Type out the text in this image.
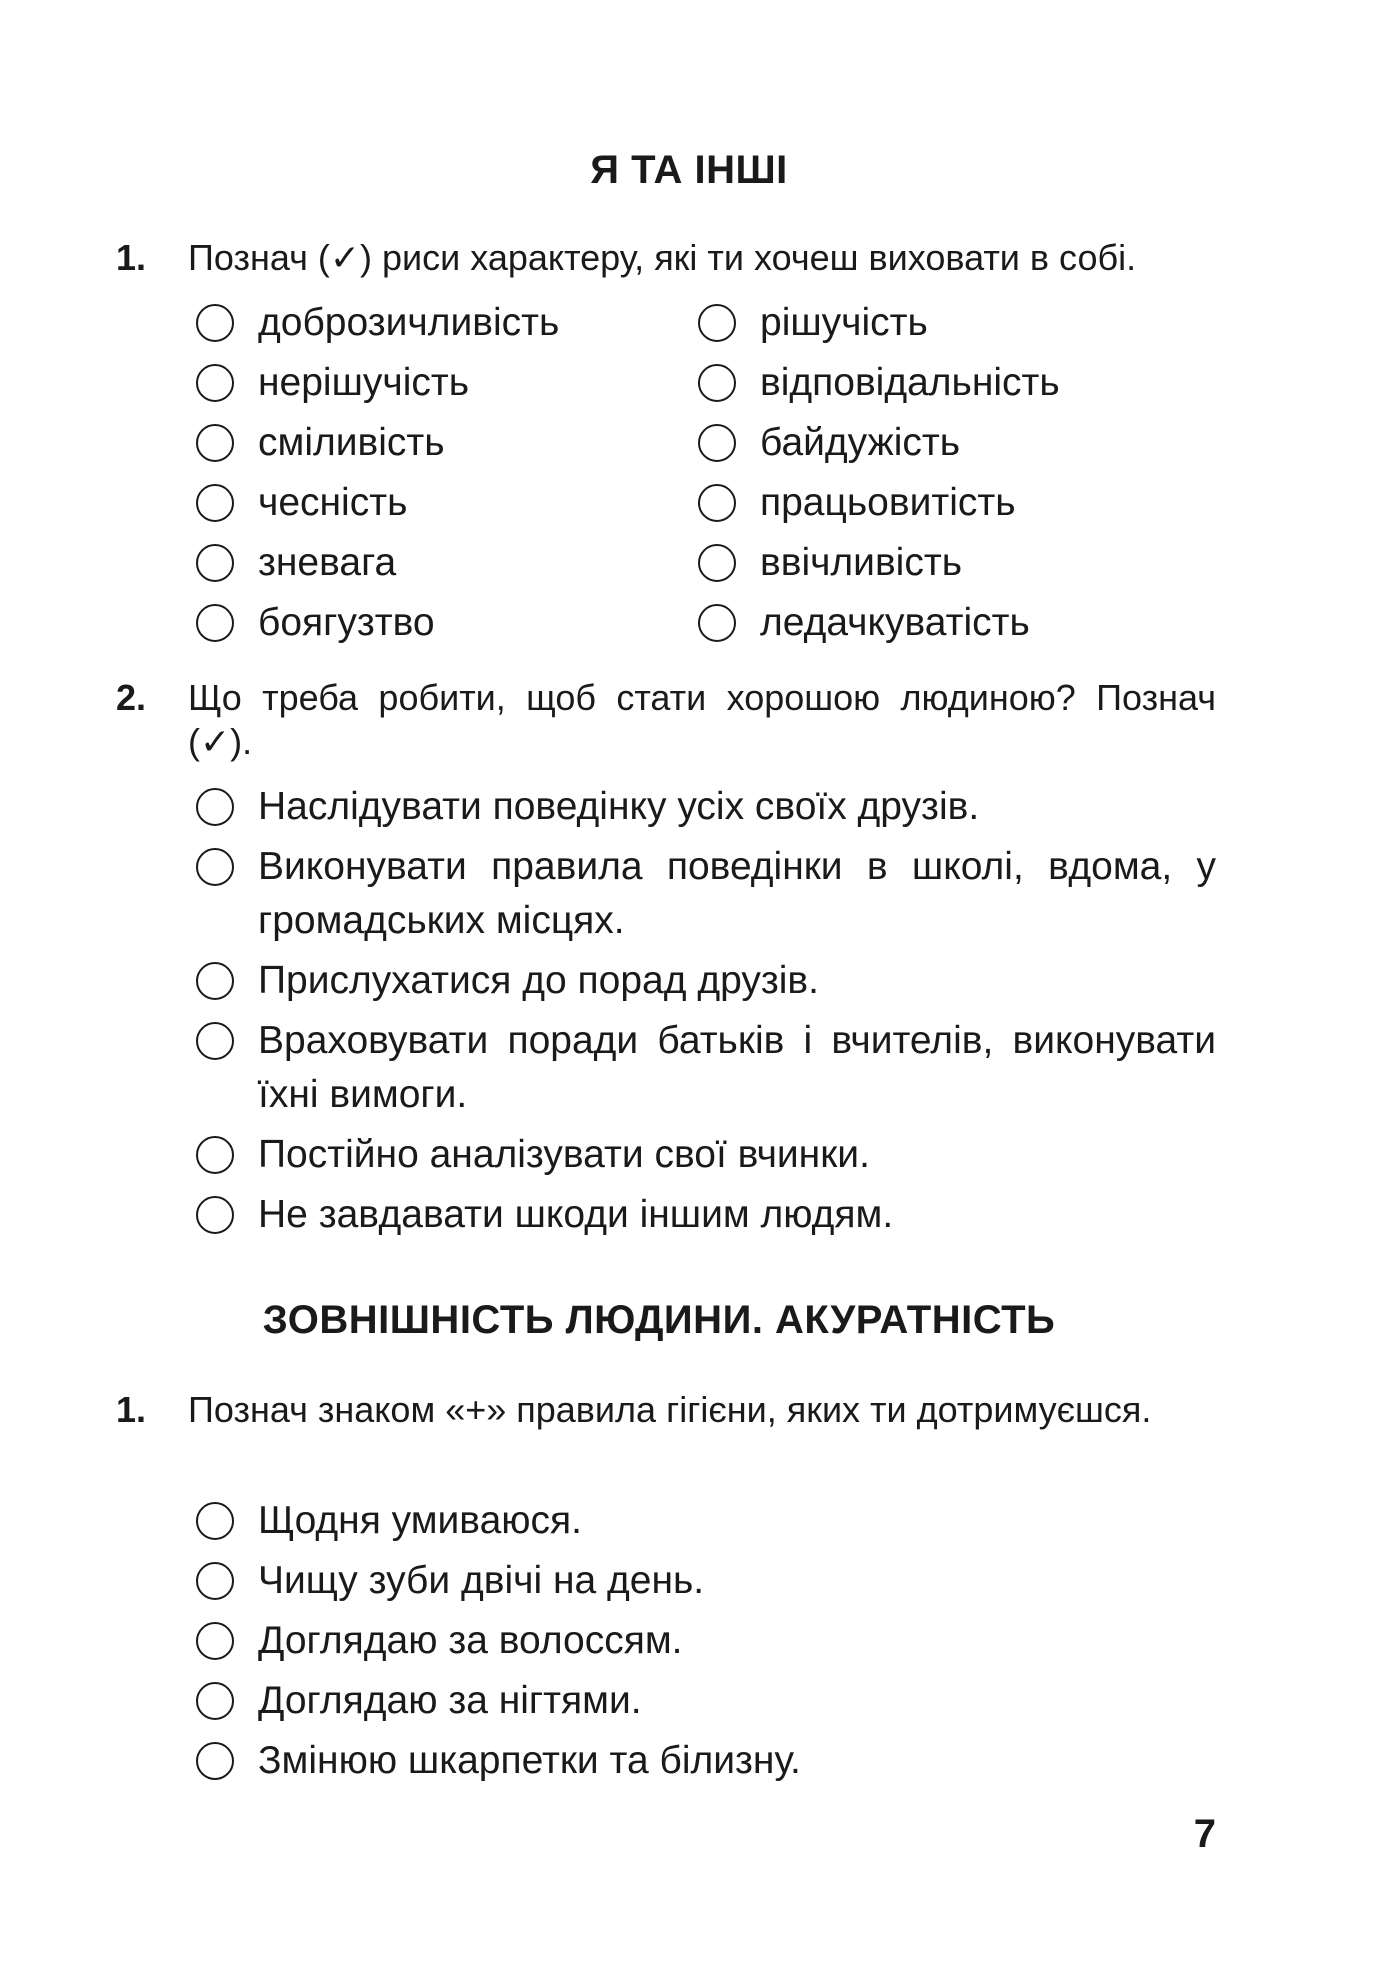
Я ТА ІНШІ
1. Познач (✓) риси характеру, які ти хочеш виховати в собі.
доброзичливість
нерішучість
сміливість
чесність
зневага
боягузтво
рішучість
відповідальність
байдужість
працьовитість
ввічливість
ледачкуватість
2. Що треба робити, щоб стати хорошою людиною? Познач (✓).
Наслідувати поведінку усіх своїх друзів.
Виконувати правила поведінки в школі, вдома, у громадських місцях.
Прислухатися до порад друзів.
Враховувати поради батьків і вчителів, виконувати їхні вимоги.
Постійно аналізувати свої вчинки.
Не завдавати шкоди іншим людям.
ЗОВНІШНІСТЬ ЛЮДИНИ. АКУРАТНІСТЬ
1. Познач знаком «+» правила гігієни, яких ти дотримуєшся.
Щодня умиваюся.
Чищу зуби двічі на день.
Доглядаю за волоссям.
Доглядаю за нігтями.
Змінюю шкарпетки та білизну.
7
